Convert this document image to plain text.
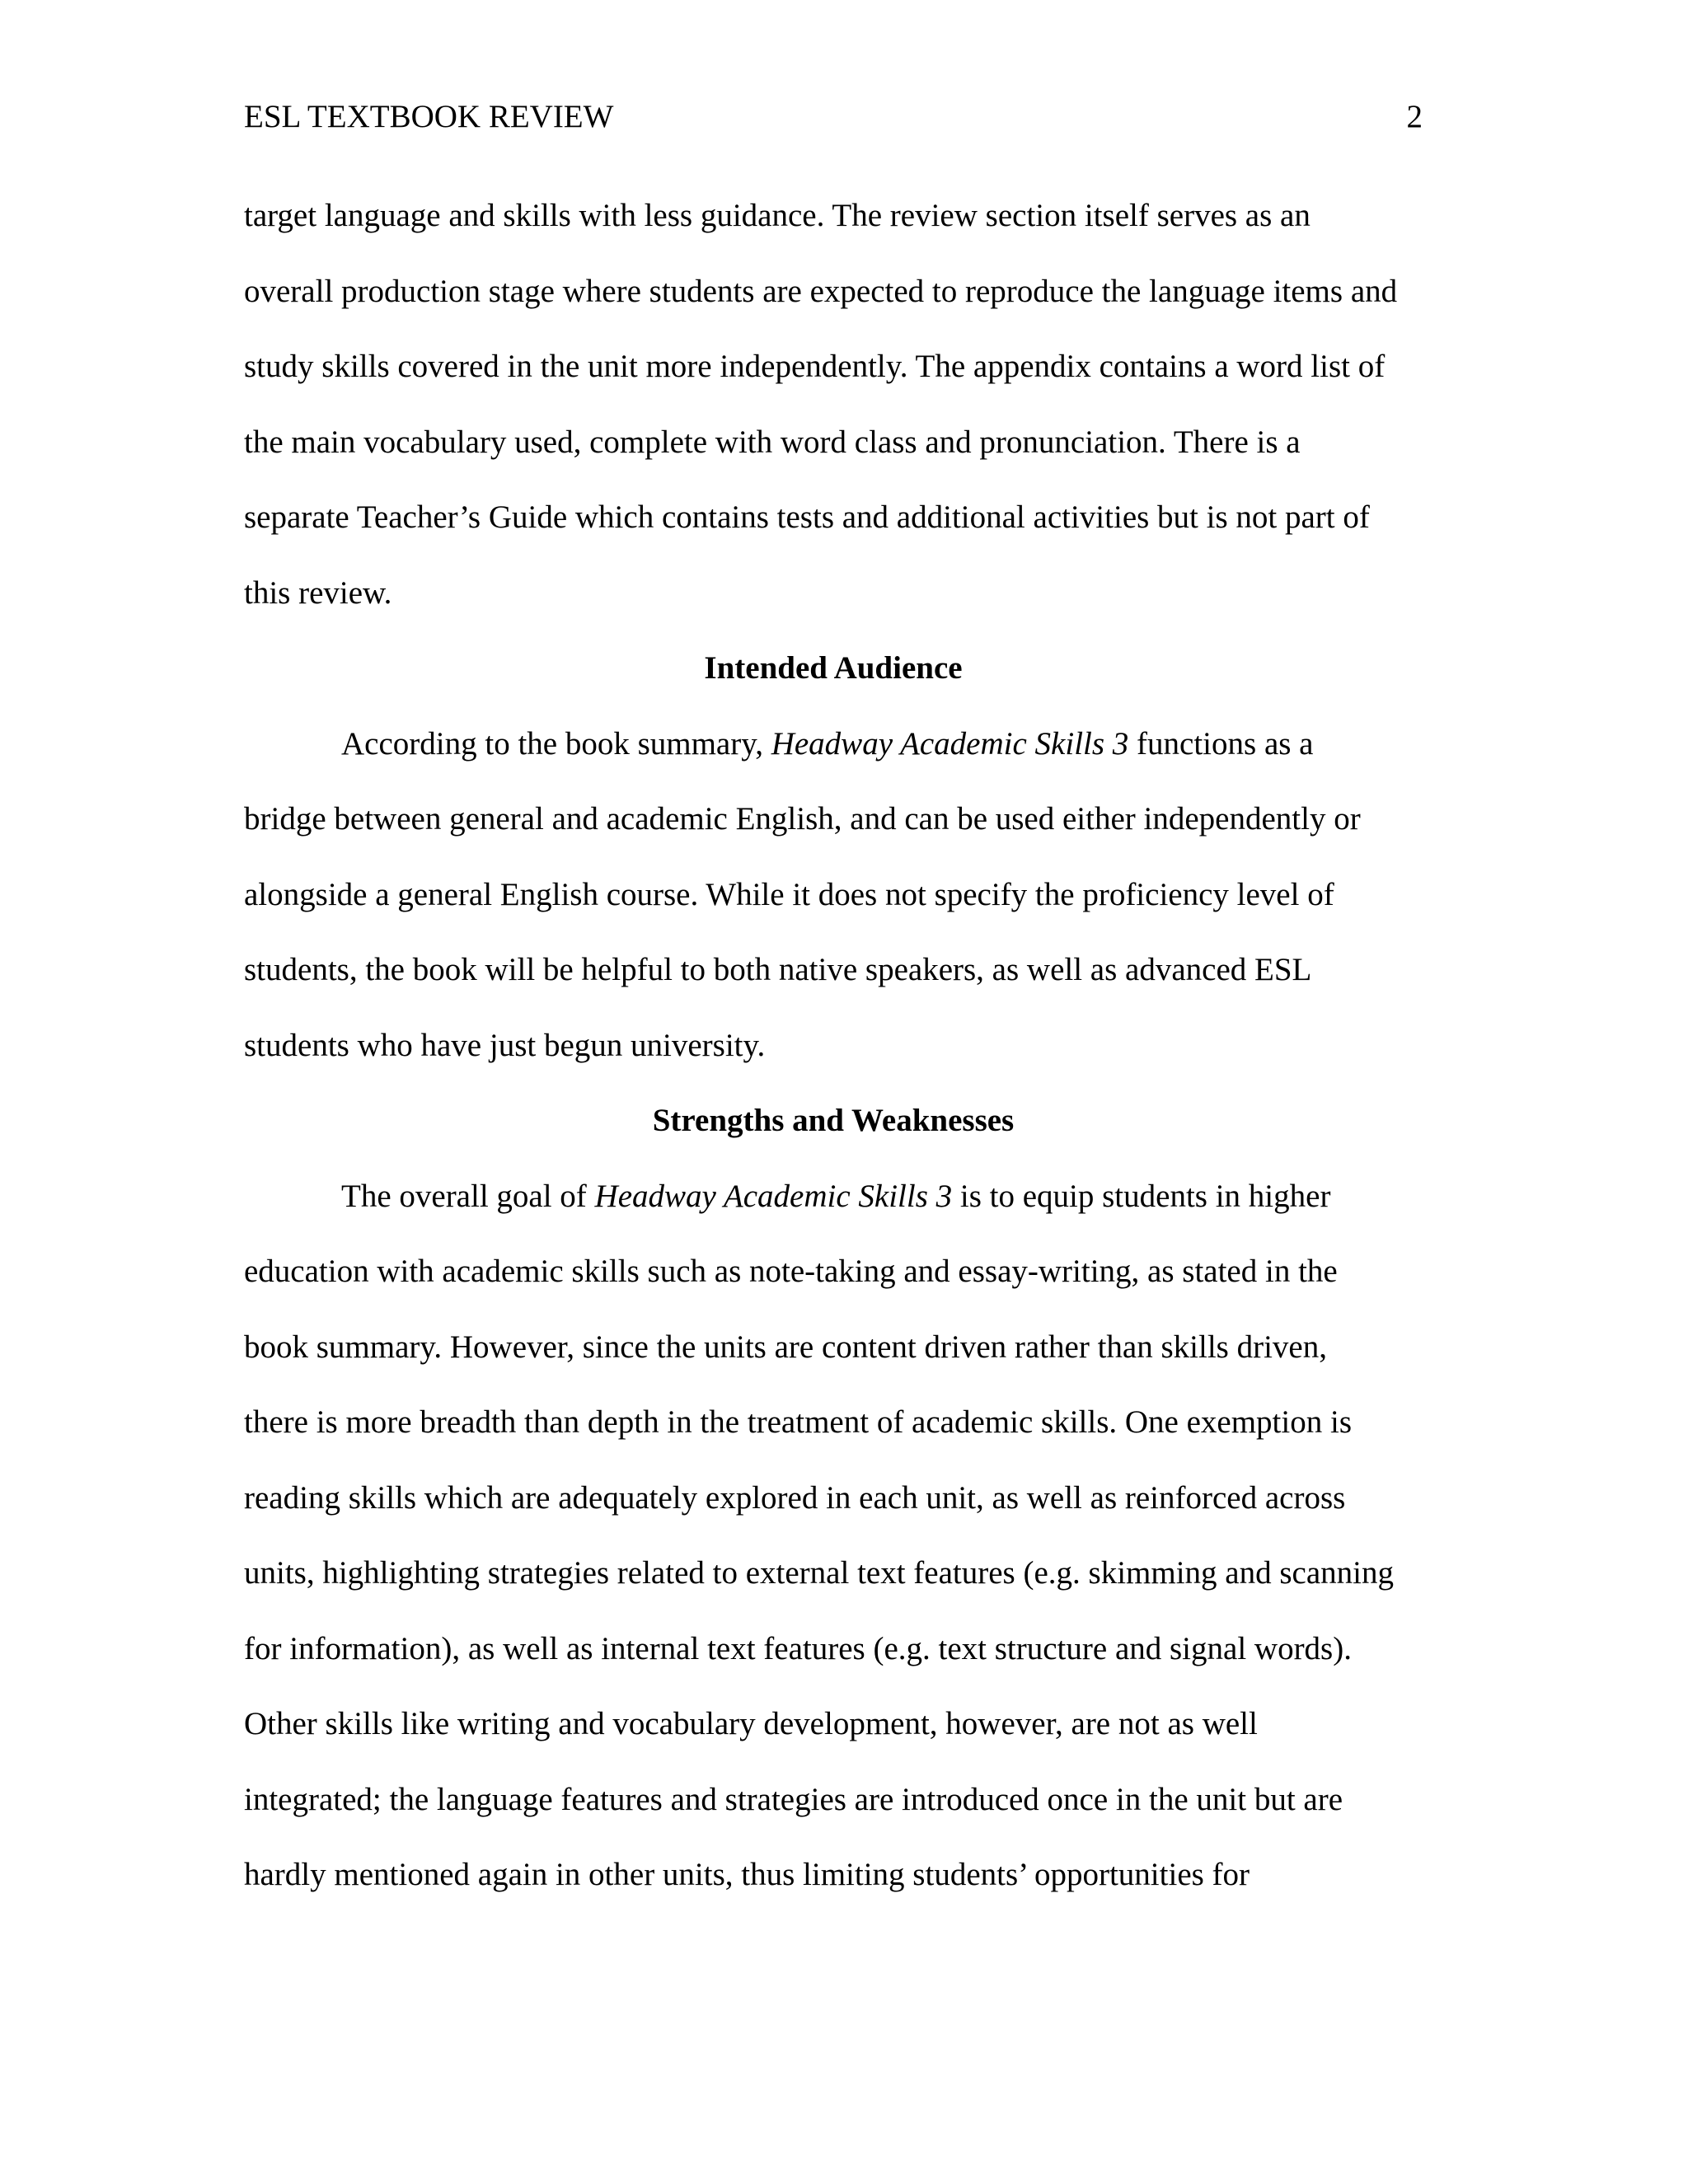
ESL TEXTBOOK REVIEW	2
target language and skills with less guidance. The review section itself serves as an
overall production stage where students are expected to reproduce the language items and
study skills covered in the unit more independently. The appendix contains a word list of
the main vocabulary used, complete with word class and pronunciation. There is a
separate Teacher’s Guide which contains tests and additional activities but is not part of
this review.
Intended Audience
According to the book summary, Headway Academic Skills 3 functions as a
bridge between general and academic English, and can be used either independently or
alongside a general English course. While it does not specify the proficiency level of
students, the book will be helpful to both native speakers, as well as advanced ESL
students who have just begun university.
Strengths and Weaknesses
The overall goal of Headway Academic Skills 3 is to equip students in higher
education with academic skills such as note-taking and essay-writing, as stated in the
book summary. However, since the units are content driven rather than skills driven,
there is more breadth than depth in the treatment of academic skills. One exemption is
reading skills which are adequately explored in each unit, as well as reinforced across
units, highlighting strategies related to external text features (e.g. skimming and scanning
for information), as well as internal text features (e.g. text structure and signal words).
Other skills like writing and vocabulary development, however, are not as well
integrated; the language features and strategies are introduced once in the unit but are
hardly mentioned again in other units, thus limiting students’ opportunities for
